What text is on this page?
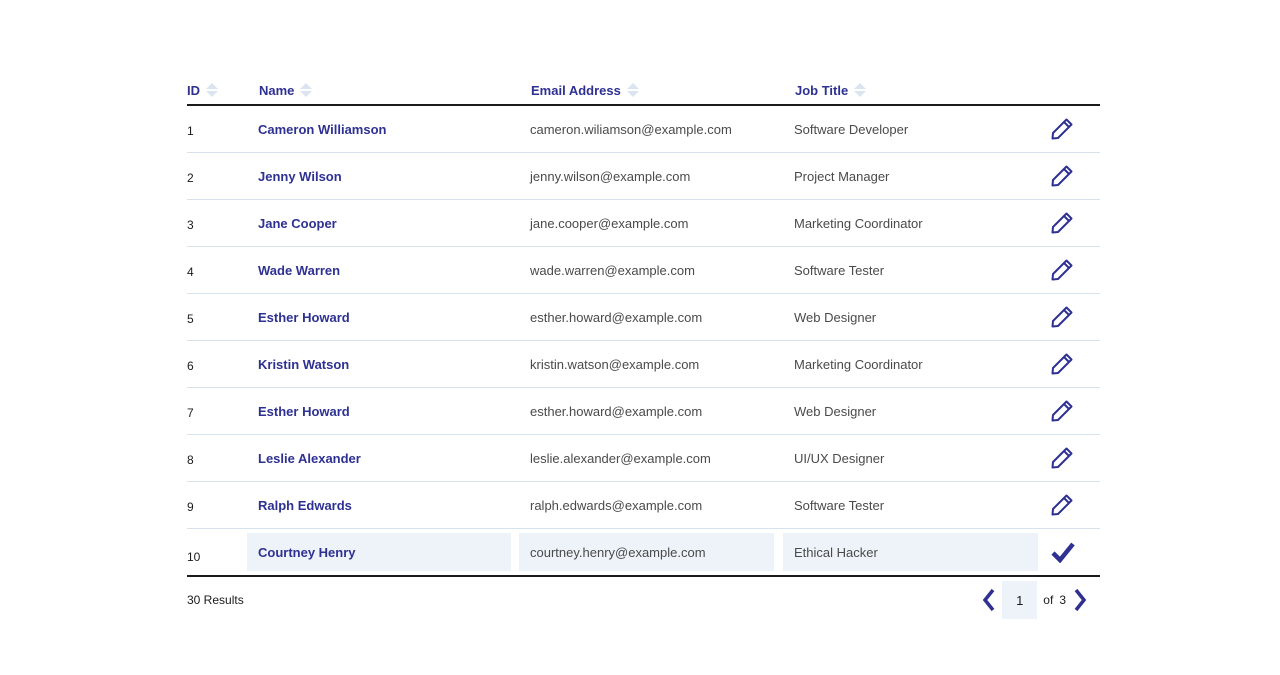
ID	Name	Email Address	Job Title
1	Cameron Williamson	cameron.wiliamson@example.com	Software Developer
2	Jenny Wilson	jenny.wilson@example.com	Project Manager
3	Jane Cooper	jane.cooper@example.com	Marketing Coordinator
4	Wade Warren	wade.warren@example.com	Software Tester
5	Esther Howard	esther.howard@example.com	Web Designer
6	Kristin Watson	kristin.watson@example.com	Marketing Coordinator
7	Esther Howard	esther.howard@example.com	Web Designer
8	Leslie Alexander	leslie.alexander@example.com	UI/UX Designer
9	Ralph Edwards	ralph.edwards@example.com	Software Tester
10	Courtney Henry	courtney.henry@example.com	Ethical Hacker
30 Results	1	of 3
